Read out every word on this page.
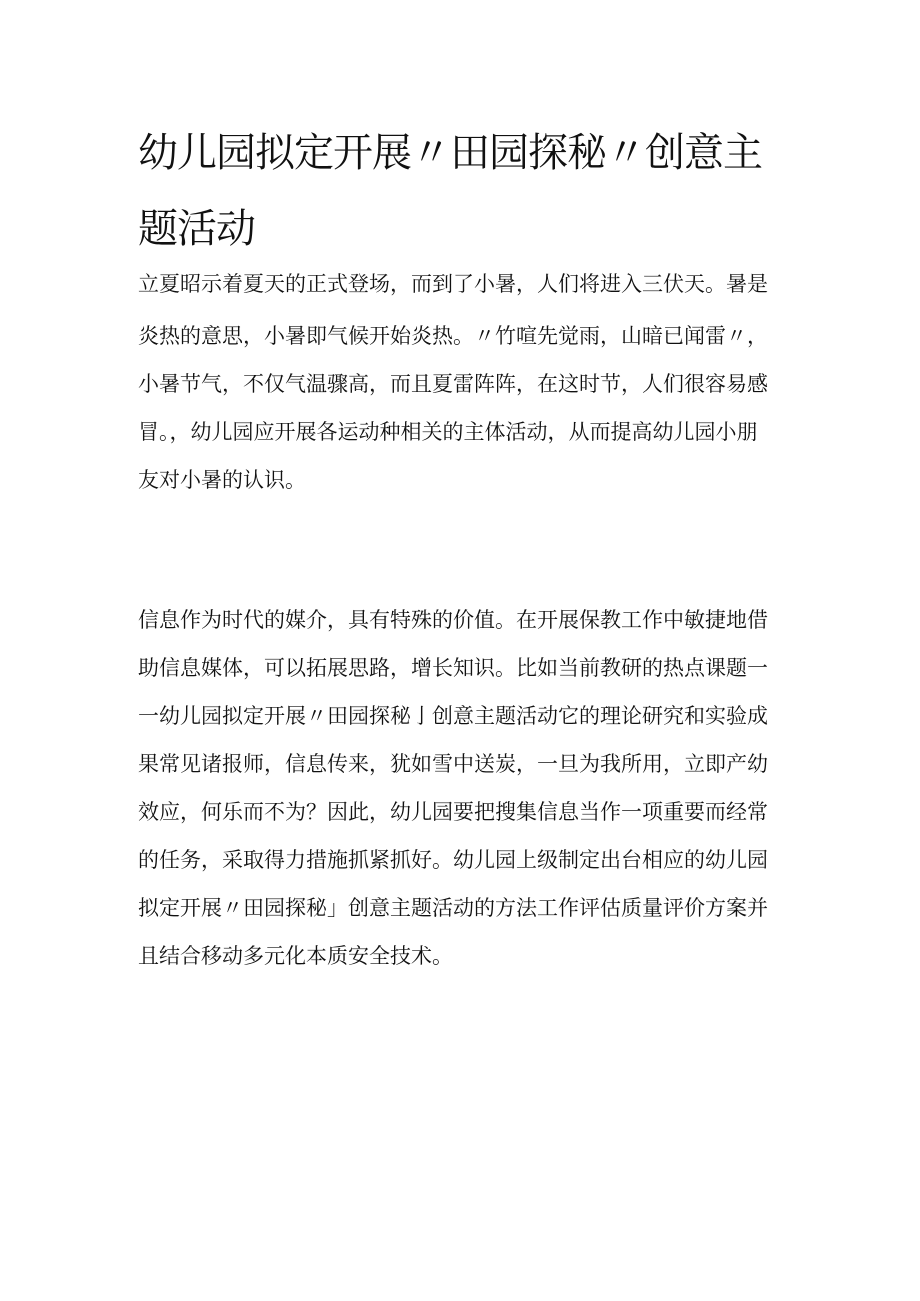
幼儿园拟定开展〃田园探秘〃创意主
题活动
立夏昭示着夏天的正式登场，而到了小暑，人们将进入三伏天。暑是
炎热的意思，小暑即气候开始炎热。〃竹喧先觉雨，山暗已闻雷〃，
小暑节气，不仅气温骤高，而且夏雷阵阵，在这时节，人们很容易感
冒。，幼儿园应开展各运动种相关的主体活动，从而提高幼儿园小朋
友对小暑的认识。
信息作为时代的媒介，具有特殊的价值。在开展保教工作中敏捷地借
助信息媒体，可以拓展思路，增长知识。比如当前教研的热点课题一
一幼儿园拟定开展〃田园探秘亅创意主题活动它的理论研究和实验成
果常见诸报师，信息传来，犹如雪中送炭，一旦为我所用，立即产幼
效应，何乐而不为？因此，幼儿园要把搜集信息当作一项重要而经常
的任务，采取得力措施抓紧抓好。幼儿园上级制定出台相应的幼儿园
拟定开展〃田园探秘」创意主题活动的方法工作评估质量评价方案并
且结合移动多元化本质安全技术。
